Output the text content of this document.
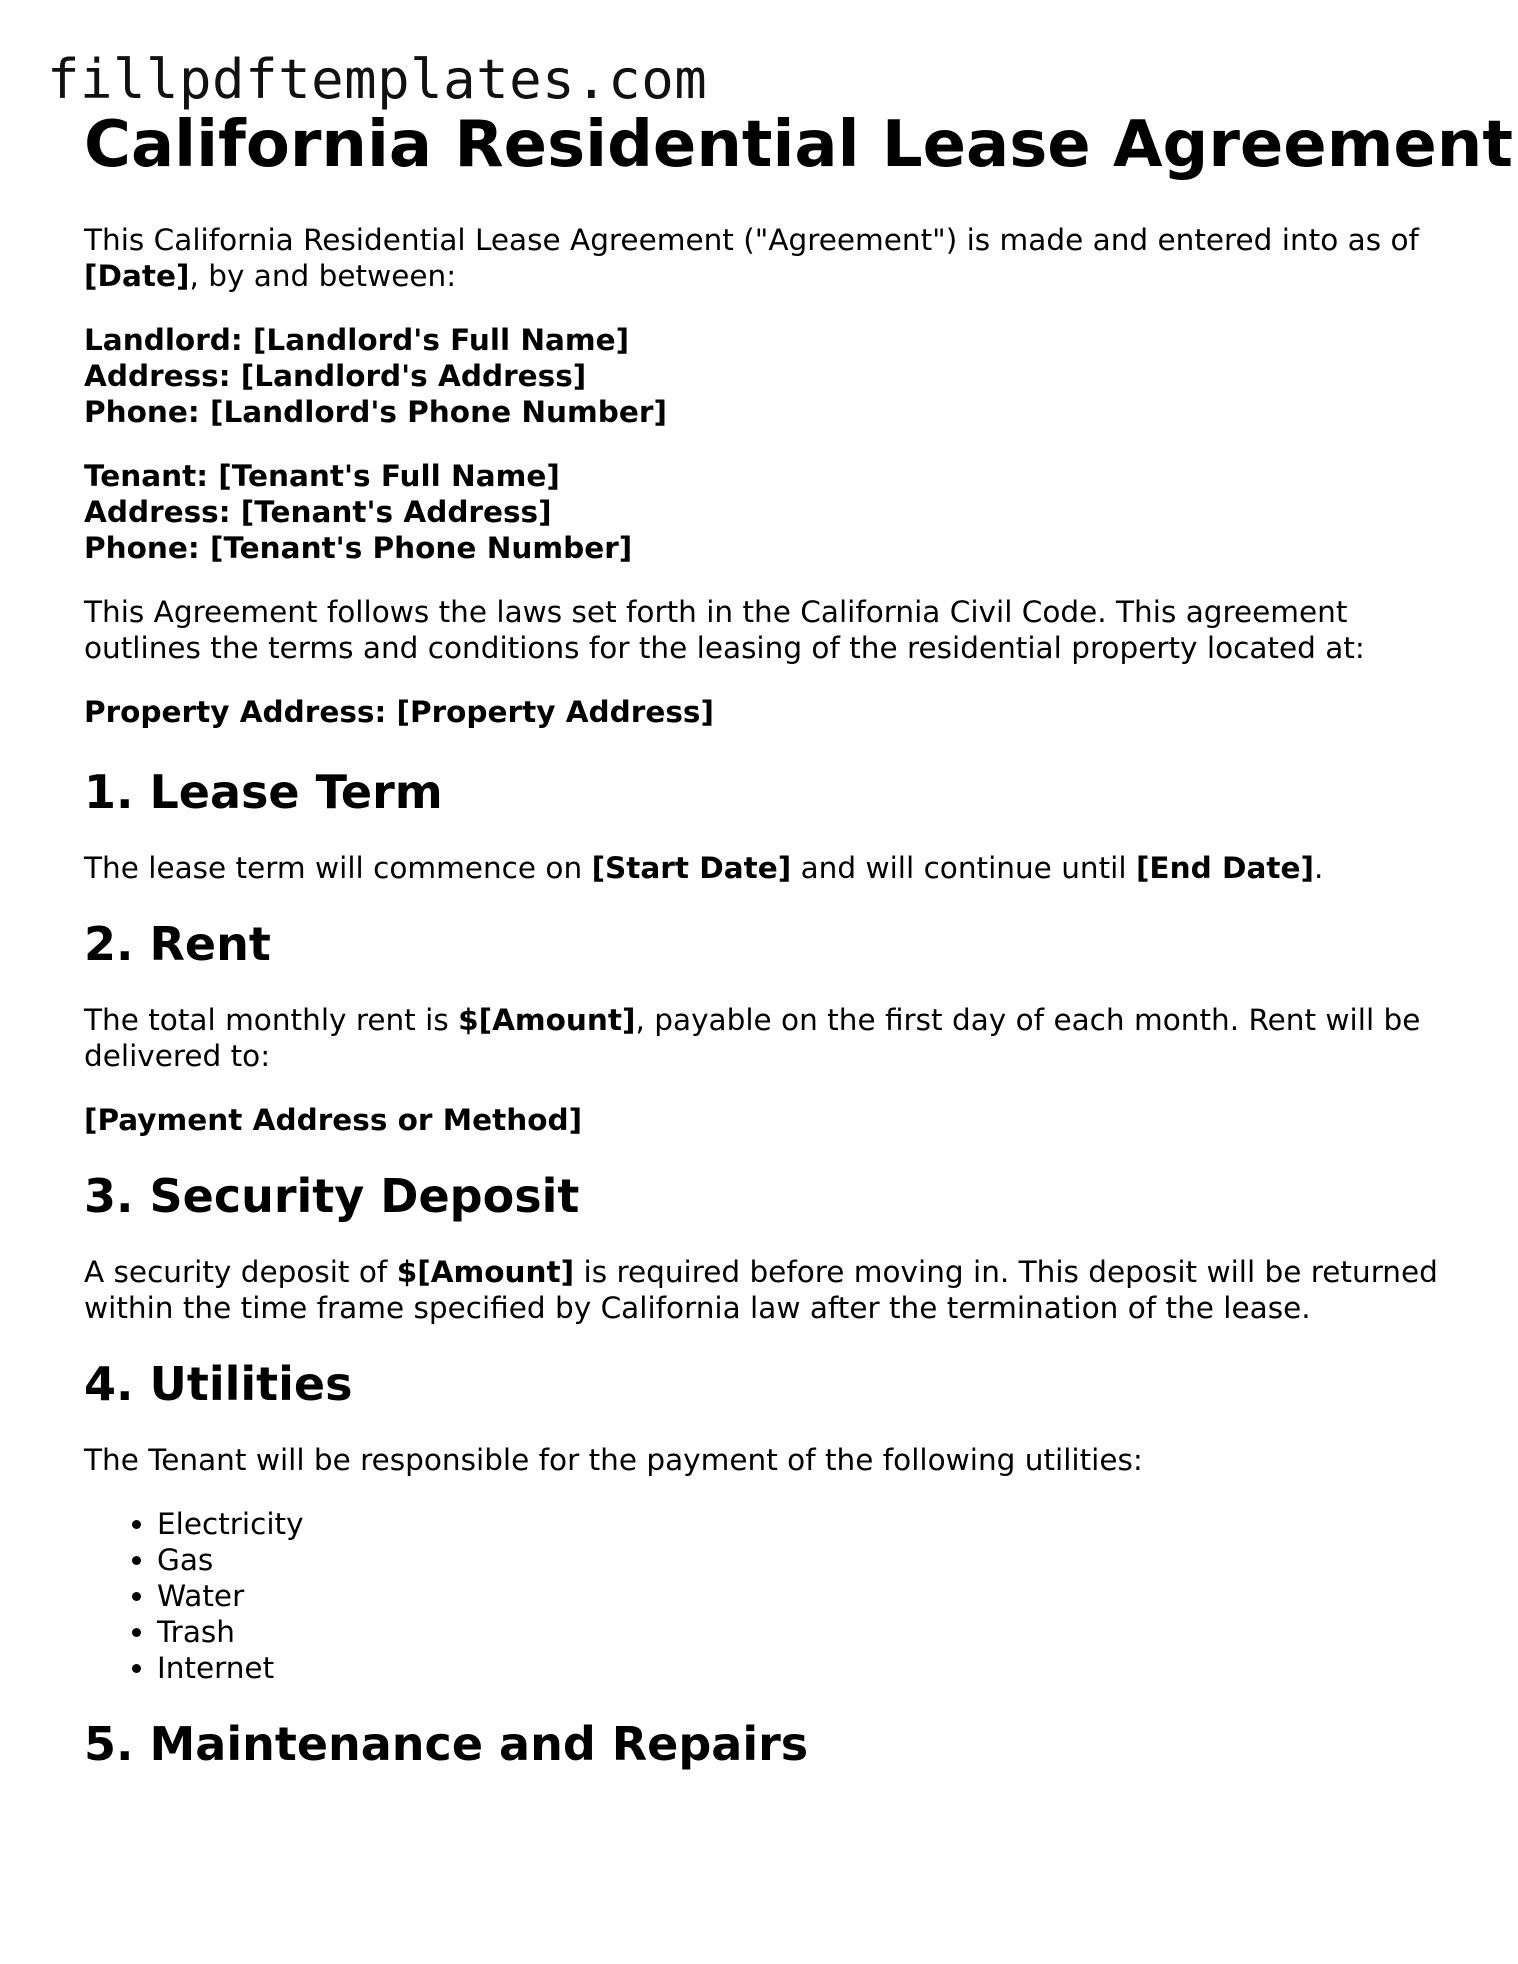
fillpdftemplates.com
California Residential Lease Agreement

This California Residential Lease Agreement ("Agreement") is made and entered into as of [Date], by and between:

Landlord: [Landlord's Full Name]

Address: [Landlord's Address]

Phone: [Landlord's Phone Number]

Tenant: [Tenant's Full Name]

Address: [Tenant's Address]

Phone: [Tenant's Phone Number]

This Agreement follows the laws set forth in the California Civil Code. This agreement outlines the terms and conditions for the leasing of the residential property located at:

Property Address: [Property Address]

1. Lease Term

The lease term will commence on [Start Date] and will continue until [End Date].

2. Rent

The total monthly rent is $[Amount], payable on the first day of each month. Rent will be delivered to:

[Payment Address or Method]

3. Security Deposit

A security deposit of $[Amount] is required before moving in. This deposit will be returned within the time frame specified by California law after the termination of the lease.

4. Utilities

The Tenant will be responsible for the payment of the following utilities:

• Electricity
• Gas
• Water
• Trash
• Internet
5. Maintenance and Repairs
